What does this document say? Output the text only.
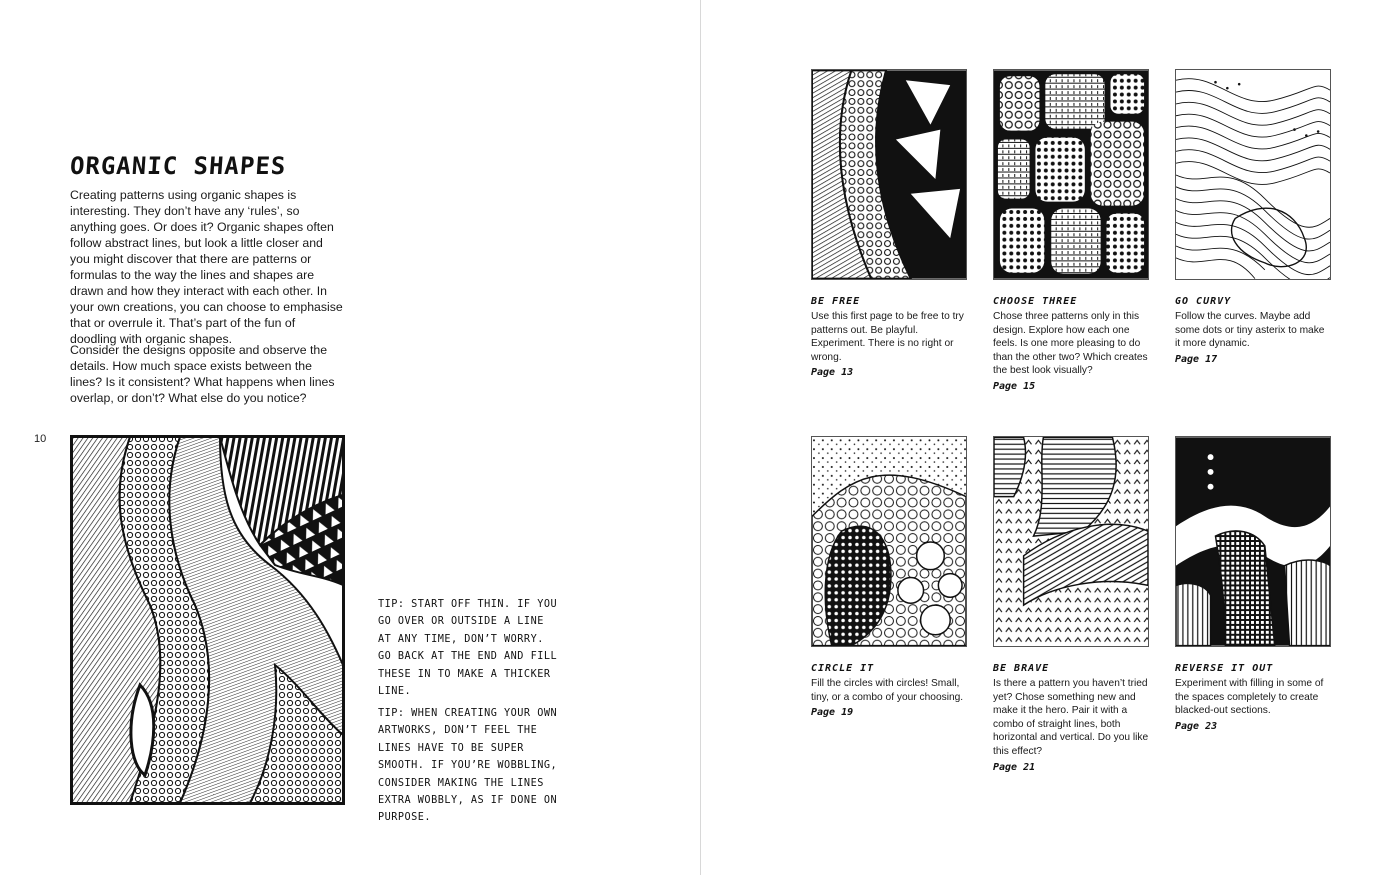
ORGANIC SHAPES

Creating patterns using organic shapes is interesting. They don’t have any ‘rules’, so anything goes. Or does it? Organic shapes often follow abstract lines, but look a little closer and you might discover that there are patterns or formulas to the way the lines and shapes are drawn and how they interact with each other. In your own creations, you can choose to emphasise that or overrule it. That’s part of the fun of doodling with organic shapes.

Consider the designs opposite and observe the details. How much space exists between the lines? Is it consistent? What happens when lines overlap, or don’t? What else do you notice?

10

TIP: START OFF THIN. IF YOU GO OVER OR OUTSIDE A LINE AT ANY TIME, DON’T WORRY. GO BACK AT THE END AND FILL THESE IN TO MAKE A THICKER LINE.

TIP: WHEN CREATING YOUR OWN ARTWORKS, DON’T FEEL THE LINES HAVE TO BE SUPER SMOOTH. IF YOU’RE WOBBLING, CONSIDER MAKING THE LINES EXTRA WOBBLY, AS IF DONE ON PURPOSE.

BE FREE

Use this first page to be free to try patterns out. Be playful. Experiment. There is no right or wrong.

Page 13

CHOOSE THREE

Chose three patterns only in this design. Explore how each one feels. Is one more pleasing to do than the other two? Which creates the best look visually?

Page 15

GO CURVY

Follow the curves. Maybe add some dots or tiny asterix to make it more dynamic.

Page 17

CIRCLE IT

Fill the circles with circles! Small, tiny, or a combo of your choosing.

Page 19

BE BRAVE

Is there a pattern you haven’t tried yet? Chose something new and make it the hero. Pair it with a combo of straight lines, both horizontal and vertical. Do you like this effect?

Page 21

REVERSE IT OUT

Experiment with filling in some of the spaces completely to create blacked-out sections.

Page 23
